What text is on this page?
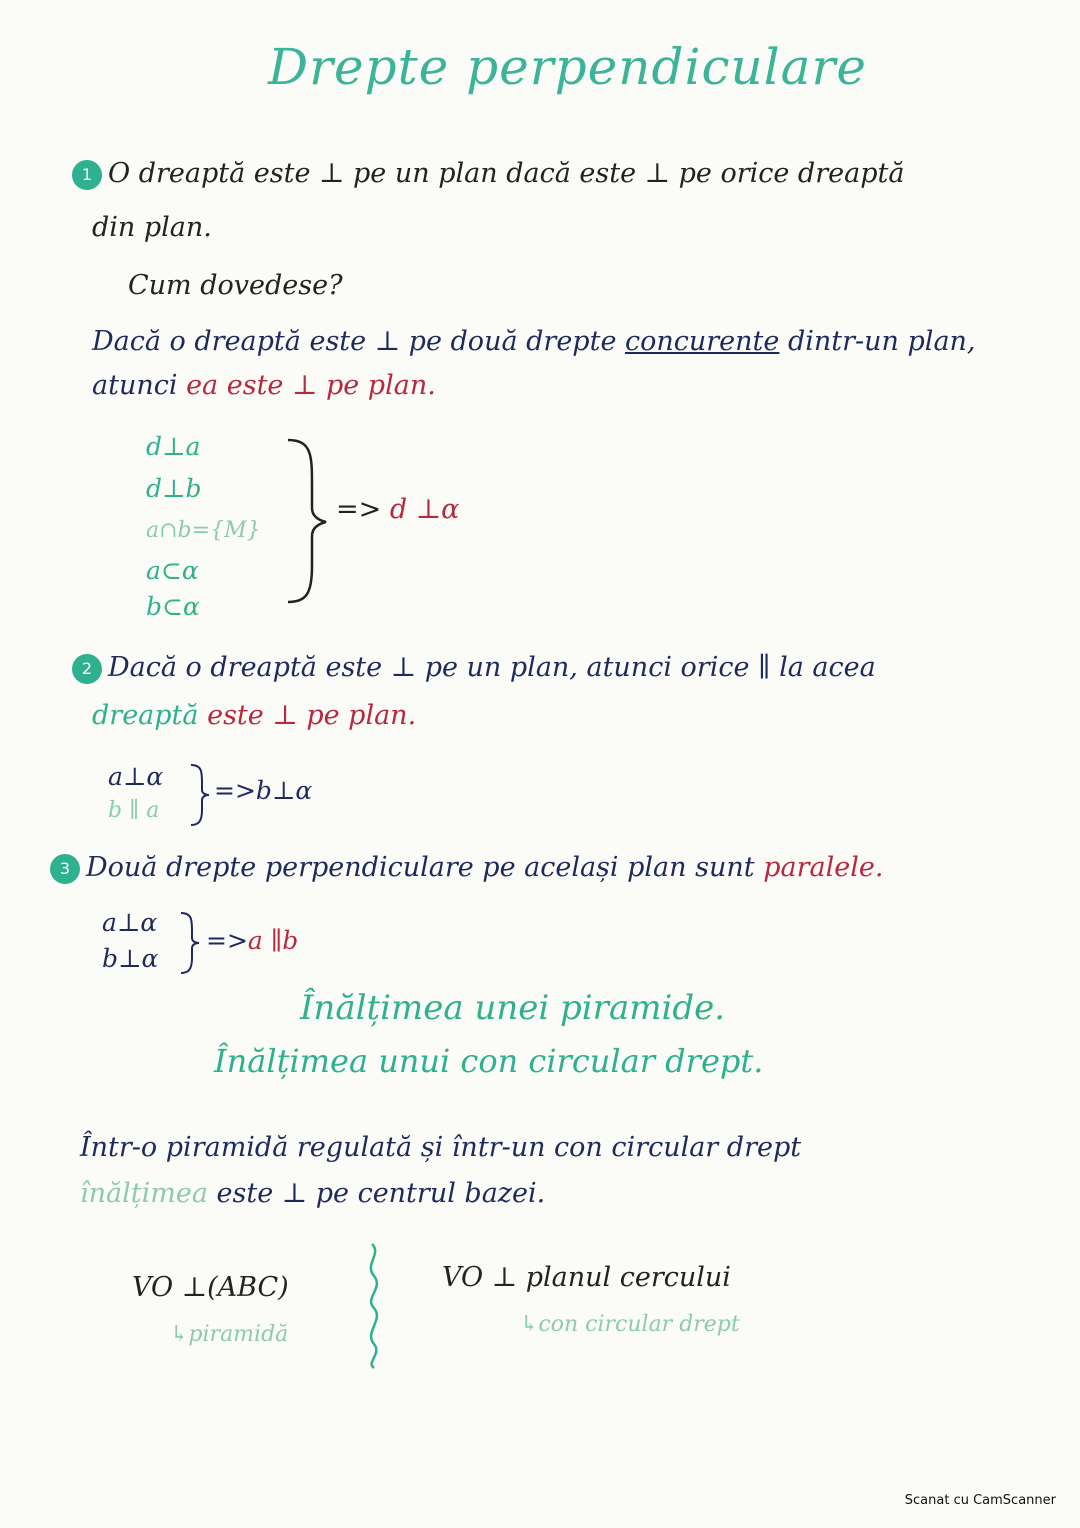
Drepte perpendiculare
1 O dreaptă este ⊥ pe un plan dacă este ⊥ pe orice dreaptă
din plan.
Cum dovedese?
Dacă o dreaptă este ⊥ pe două drepte concurente dintr-un plan,
atunci ea este ⊥ pe plan.
d⊥a
d⊥b
a∩b={M}
a⊂α
b⊂α
=> d ⊥α
2 Dacă o dreaptă este ⊥ pe un plan, atunci orice ∥ la acea
dreaptă este ⊥ pe plan.
a⊥α
b ∥ a
=>b⊥α
3 Două drepte perpendiculare pe același plan sunt paralele.
a⊥α
b⊥α
=>a ∥b
Înălțimea unei piramide.
Înălțimea unui con circular drept.
Într-o piramidă regulată și într-un con circular drept
înălțimea este ⊥ pe centrul bazei.
VO ⊥(ABC)
↳piramidă
VO ⊥ planul cercului
↳con circular drept
Scanat cu CamScanner
